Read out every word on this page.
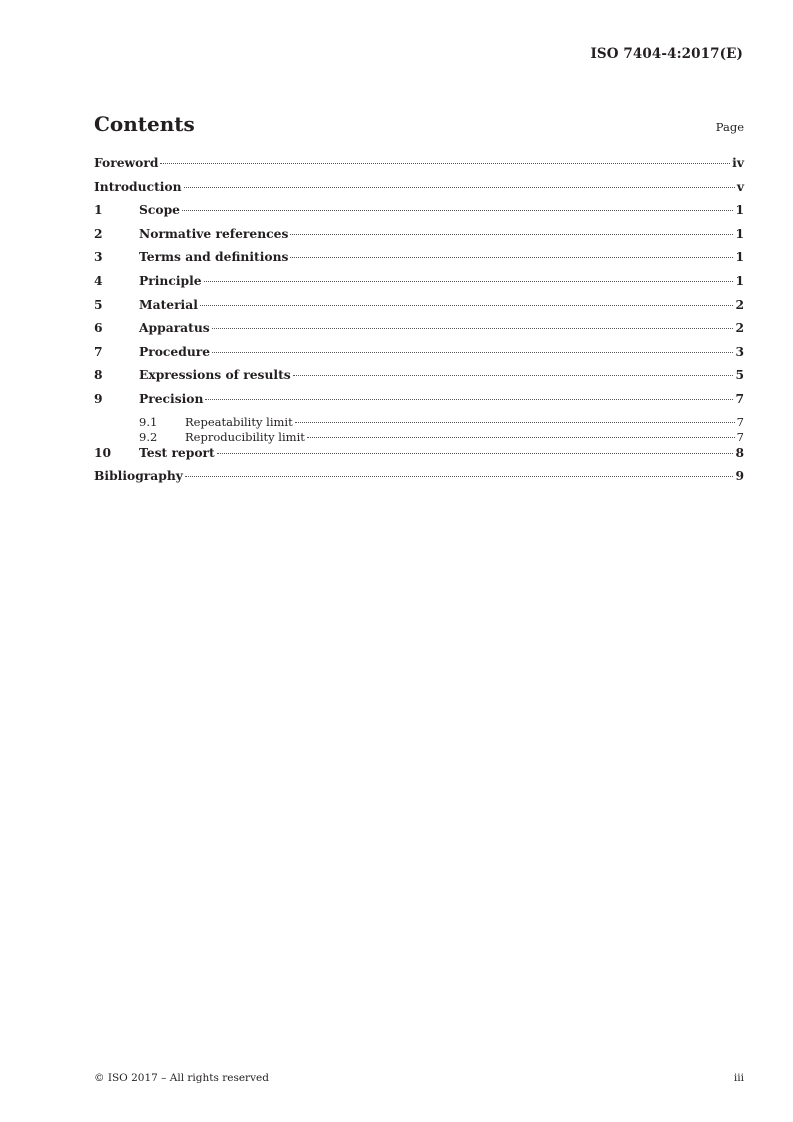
ISO 7404-4:2017(E)
Contents	Page
Foreword	iv
Introduction	v
1	Scope	1
2	Normative references	1
3	Terms and definitions	1
4	Principle	1
5	Material	2
6	Apparatus	2
7	Procedure	3
8	Expressions of results	5
9	Precision	7
9.1	Repeatability limit	7
9.2	Reproducibility limit	7
10	Test report	8
Bibliography	9
© ISO 2017 – All rights reserved	iii
